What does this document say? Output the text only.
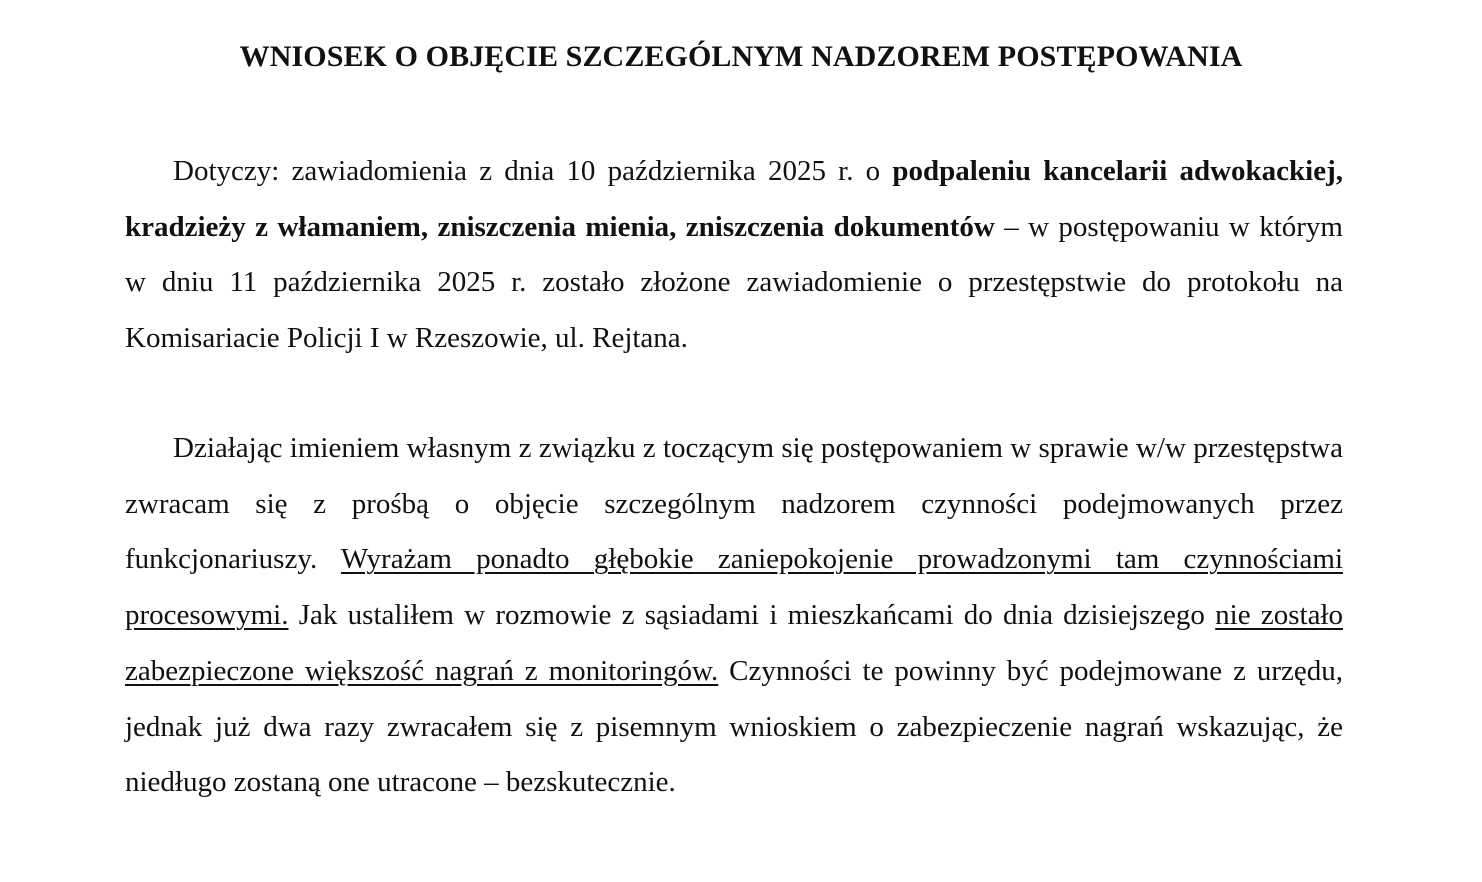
WNIOSEK O OBJĘCIE SZCZEGÓLNYM NADZOREM POSTĘPOWANIA

Dotyczy: zawiadomienia z dnia 10 października 2025 r. o podpaleniu kancelarii adwokackiej, kradzieży z włamaniem, zniszczenia mienia, zniszczenia dokumentów – w postępowaniu w którym w dniu 11 października 2025 r. zostało złożone zawiadomienie o przestępstwie do protokołu na Komisariacie Policji I w Rzeszowie, ul. Rejtana.

Działając imieniem własnym z związku z toczącym się postępowaniem w sprawie w/w przestępstwa zwracam się z prośbą o objęcie szczególnym nadzorem czynności podejmowanych przez funkcjonariuszy. Wyrażam ponadto głębokie zaniepokojenie prowadzonymi tam czynnościami procesowymi. Jak ustaliłem w rozmowie z sąsiadami i mieszkańcami do dnia dzisiejszego nie zostało zabezpieczone większość nagrań z monitoringów. Czynności te powinny być podejmowane z urzędu, jednak już dwa razy zwracałem się z pisemnym wnioskiem o zabezpieczenie nagrań wskazując, że niedługo zostaną one utracone – bezskutecznie.
